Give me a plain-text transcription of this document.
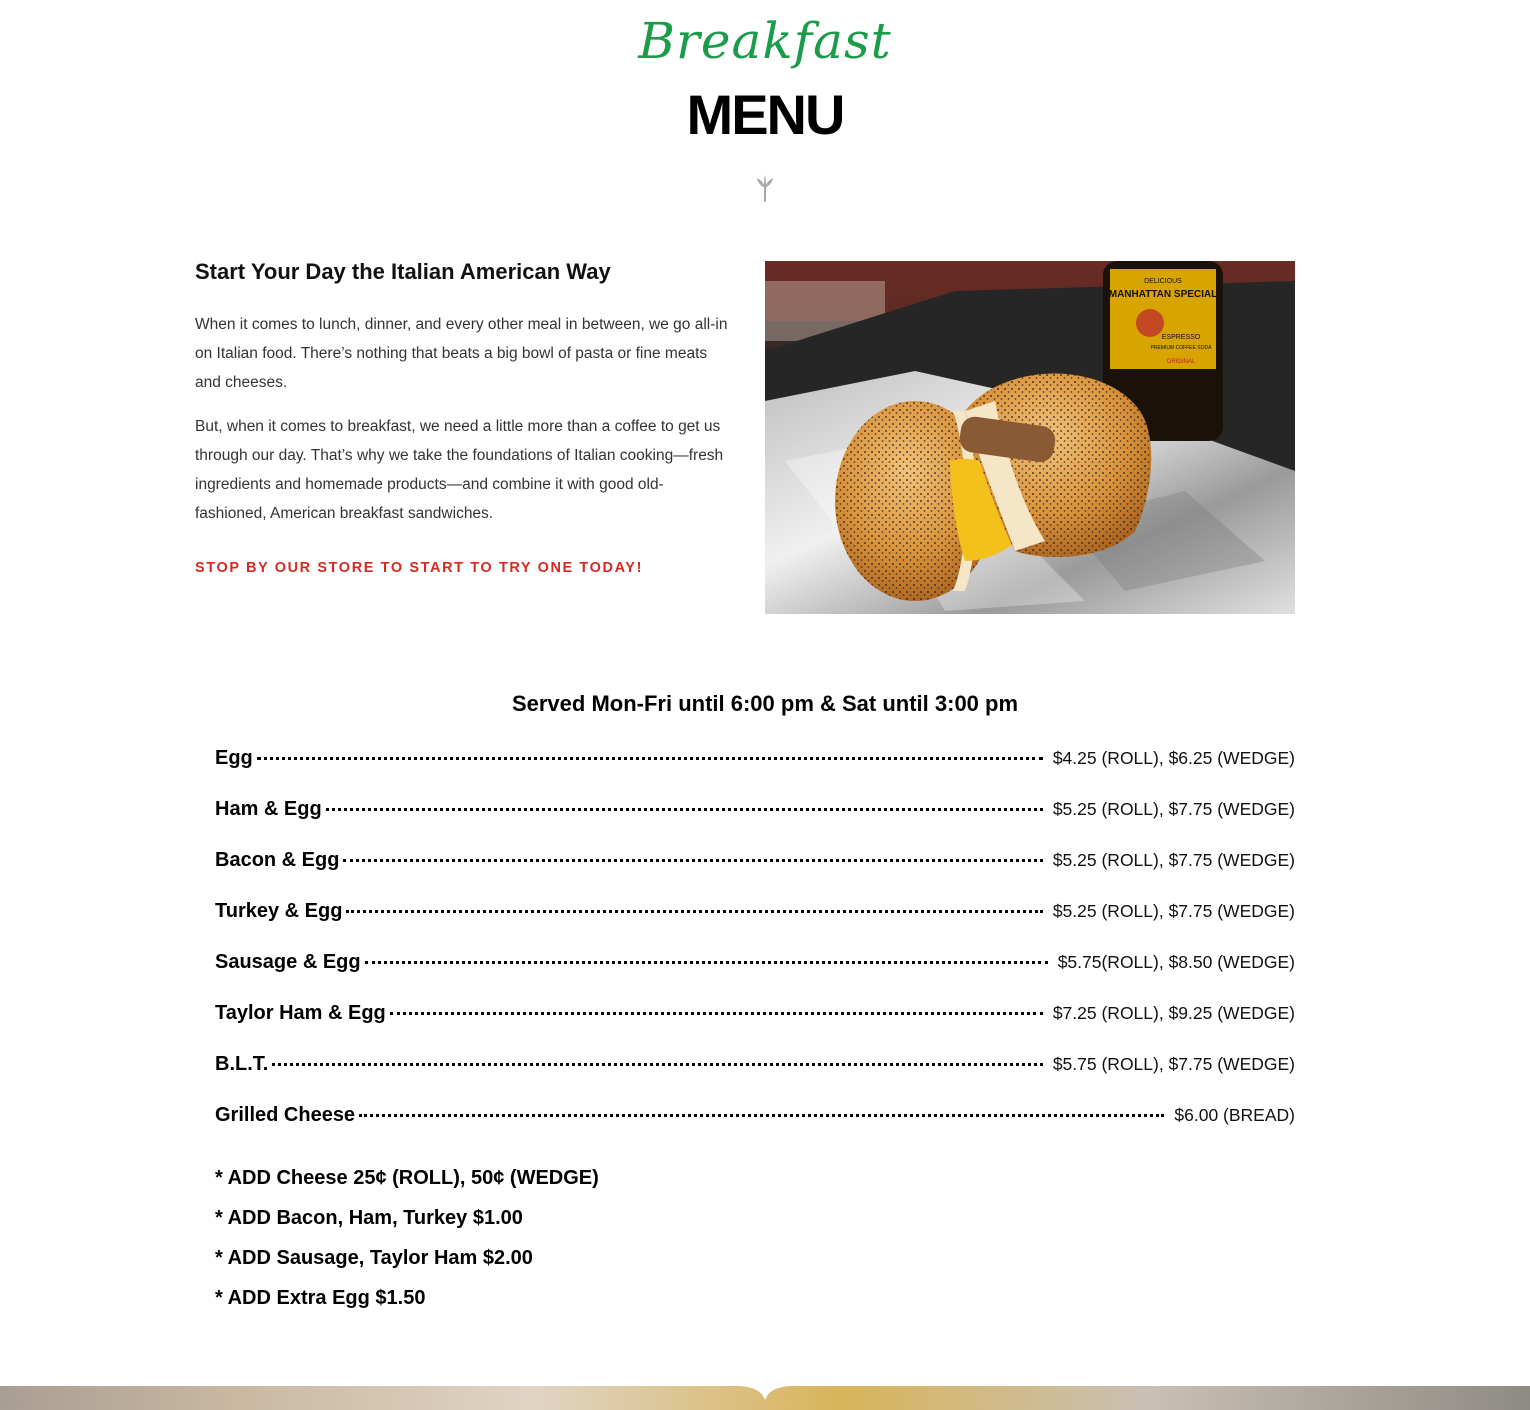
Breakfast
MENU
Start Your Day the Italian American Way

When it comes to lunch, dinner, and every other meal in between, we go all-in on Italian food. There’s nothing that beats a big bowl of pasta or fine meats and cheeses.

But, when it comes to breakfast, we need a little more than a coffee to get us through our day. That’s why we take the foundations of Italian cooking—fresh ingredients and homemade products—and combine it with good old-fashioned, American breakfast sandwiches.

STOP BY OUR STORE TO START TO TRY ONE TODAY!
DELICIOUS
MANHATTAN SPECIAL
ESPRESSO
PREMIUM COFFEE SODA
ORIGINAL
Served Mon-Fri until 6:00 pm & Sat until 3:00 pm
Egg	$4.25 (ROLL), $6.25 (WEDGE)
Ham & Egg	$5.25 (ROLL), $7.75 (WEDGE)
Bacon & Egg	$5.25 (ROLL), $7.75 (WEDGE)
Turkey & Egg	$5.25 (ROLL), $7.75 (WEDGE)
Sausage & Egg	$5.75(ROLL), $8.50 (WEDGE)
Taylor Ham & Egg	$7.25 (ROLL), $9.25 (WEDGE)
B.L.T.	$5.75 (ROLL), $7.75 (WEDGE)
Grilled Cheese	$6.00 (BREAD)

* ADD Cheese 25¢ (ROLL), 50¢ (WEDGE)

* ADD Bacon, Ham, Turkey $1.00

* ADD Sausage, Taylor Ham $2.00

* ADD Extra Egg $1.50
